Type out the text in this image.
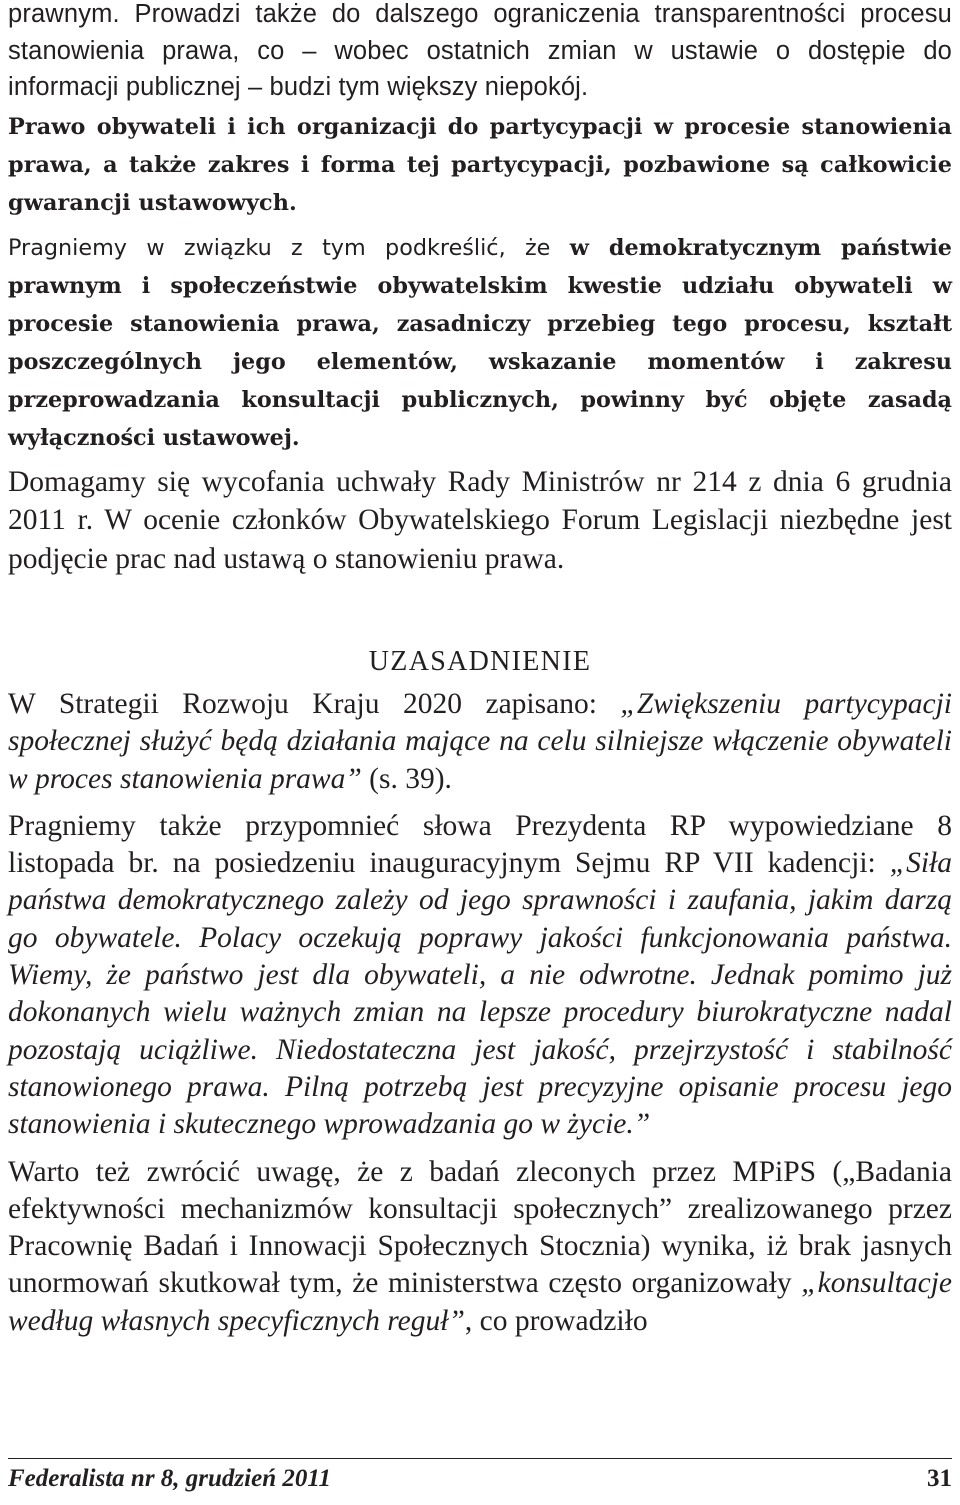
prawnym. Prowadzi także do dalszego ograniczenia transparentności procesu stanowienia prawa, co – wobec ostatnich zmian w ustawie o dostępie do informacji publicznej – budzi tym większy niepokój.

Prawo obywateli i ich organizacji do partycypacji w procesie stanowienia prawa, a także zakres i forma tej partycypacji, pozbawione są całkowicie gwarancji ustawowych.

Pragniemy w związku z tym podkreślić, że w demokratycznym państwie prawnym i społeczeństwie obywatelskim kwestie udziału obywateli w procesie stanowienia prawa, zasadniczy przebieg tego procesu, kształt poszczególnych jego elementów, wskazanie momentów i zakresu przeprowadzania konsultacji publicznych, powinny być objęte zasadą wyłączności ustawowej.

Domagamy się wycofania uchwały Rady Ministrów nr 214 z dnia 6 grudnia 2011 r. W ocenie członków Obywatelskiego Forum Legislacji niezbędne jest podjęcie prac nad ustawą o stanowieniu prawa.

UZASADNIENIE

W Strategii Rozwoju Kraju 2020 zapisano: „Zwiększeniu partycypacji społecznej służyć będą działania mające na celu silniejsze włączenie obywateli w proces stanowienia prawa” (s. 39).

Pragniemy także przypomnieć słowa Prezydenta RP wypowiedziane 8 listopada br. na posiedzeniu inauguracyjnym Sejmu RP VII kadencji: „Siła państwa demokratycznego zależy od jego sprawności i zaufania, jakim darzą go obywatele. Polacy oczekują poprawy jakości funkcjonowania państwa. Wiemy, że państwo jest dla obywateli, a nie odwrotne. Jednak pomimo już dokonanych wielu ważnych zmian na lepsze procedury biurokratyczne nadal pozostają uciążliwe. Niedostateczna jest jakość, przejrzystość i stabilność stanowionego prawa. Pilną potrzebą jest precyzyjne opisanie procesu jego stanowienia i skutecznego wprowadzania go w życie.”

Warto też zwrócić uwagę, że z badań zleconych przez MPiPS („Badania efektywności mechanizmów konsultacji społecznych” zrealizowanego przez Pracownię Badań i Innowacji Społecznych Stocznia) wynika, iż brak jasnych unormowań skutkował tym, że ministerstwa często organizowały „konsultacje według własnych specyficznych reguł”, co prowadziło

Federalista nr 8, grudzień 2011	31
